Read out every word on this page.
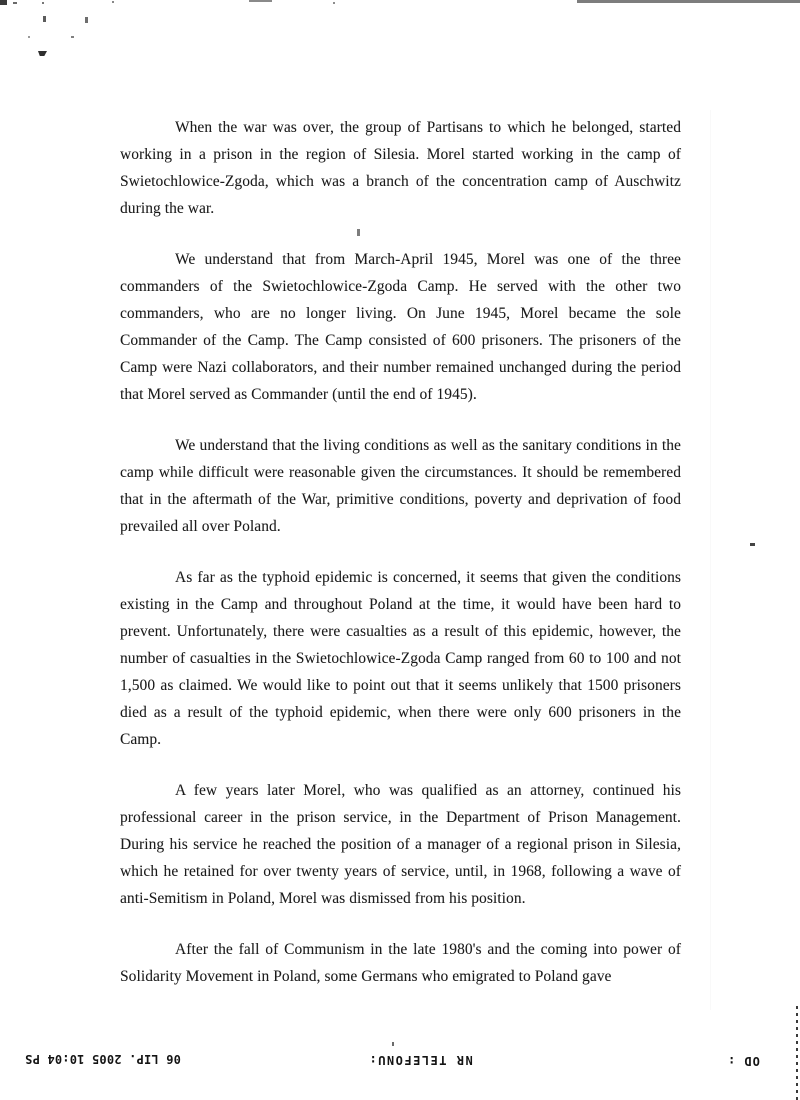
When the war was over, the group of Partisans to which he belonged, started working in a prison in the region of Silesia. Morel started working in the camp of Swietochlowice-Zgoda, which was a branch of the concentration camp of Auschwitz during the war.

We understand that from March-April 1945, Morel was one of the three commanders of the Swietochlowice-Zgoda Camp. He served with the other two commanders, who are no longer living. On June 1945, Morel became the sole Commander of the Camp. The Camp consisted of 600 prisoners. The prisoners of the Camp were Nazi collaborators, and their number remained unchanged during the period that Morel served as Commander (until the end of 1945).

We understand that the living conditions as well as the sanitary conditions in the camp while difficult were reasonable given the circumstances. It should be remembered that in the aftermath of the War, primitive conditions, poverty and deprivation of food prevailed all over Poland.

As far as the typhoid epidemic is concerned, it seems that given the conditions existing in the Camp and throughout Poland at the time, it would have been hard to prevent. Unfortunately, there were casualties as a result of this epidemic, however, the number of casualties in the Swietochlowice-Zgoda Camp ranged from 60 to 100 and not 1,500 as claimed. We would like to point out that it seems unlikely that 1500 prisoners died as a result of the typhoid epidemic, when there were only 600 prisoners in the Camp.

A few years later Morel, who was qualified as an attorney, continued his professional career in the prison service, in the Department of Prison Management. During his service he reached the position of a manager of a regional prison in Silesia, which he retained for over twenty years of service, until, in 1968, following a wave of anti-Semitism in Poland, Morel was dismissed from his position.

After the fall of Communism in the late 1980's and the coming into power of Solidarity Movement in Poland, some Germans who emigrated to Poland gave

06 LIP. 2005 10:04 PS	NR TELEFONU:	OD :
